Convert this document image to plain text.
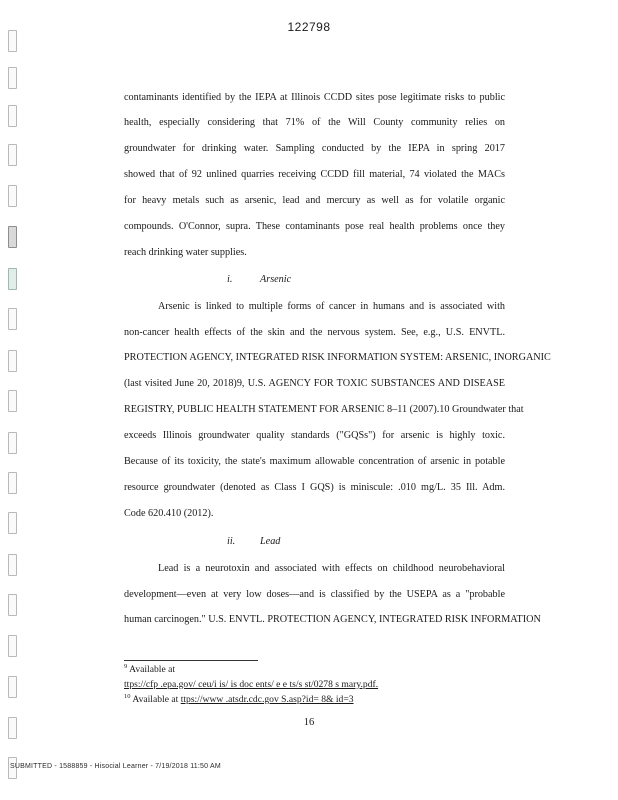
122798
contaminants identified by the IEPA at Illinois CCDD sites pose legitimate risks to public
health, especially considering that 71% of the Will County community relies on
groundwater for drinking water. Sampling conducted by the IEPA in spring 2017
showed that of 92 unlined quarries receiving CCDD fill material, 74 violated the MACs
for heavy metals such as arsenic, lead and mercury as well as for volatile organic
compounds. O'Connor, supra. These contaminants pose real health problems once they
reach drinking water supplies.
i.	Arsenic
Arsenic is linked to multiple forms of cancer in humans and is associated with
non-cancer health effects of the skin and the nervous system. See, e.g., U.S. ENVTL.
PROTECTION AGENCY, INTEGRATED RISK INFORMATION SYSTEM: ARSENIC, INORGANIC
(last visited June 20, 2018)9, U.S. AGENCY FOR TOXIC SUBSTANCES AND DISEASE
REGISTRY, PUBLIC HEALTH STATEMENT FOR ARSENIC 8–11 (2007).10 Groundwater that
exceeds Illinois groundwater quality standards ("GQSs") for arsenic is highly toxic.
Because of its toxicity, the state's maximum allowable concentration of arsenic in potable
resource groundwater (denoted as Class I GQS) is miniscule: .010 mg/L. 35 Ill. Adm.
Code 620.410 (2012).
ii. Lead
Lead is a neurotoxin and associated with effects on childhood neurobehavioral
development—even at very low doses—and is classified by the USEPA as a "probable
human carcinogen." U.S. ENVTL. PROTECTION AGENCY, INTEGRATED RISK INFORMATION
$^9$ Available at
ttps://cfp .epa.gov/ ceu/i is/ is doc ents/ e e ts/s st/0278 s mary.pdf.
$^{10}$ Available at ttps://www .atsdr.cdc.gov S.asp?id= 8& id=3
16
SUBMITTED - 1588859 - Hisocial Learner - 7/19/2018 11:50 AM
